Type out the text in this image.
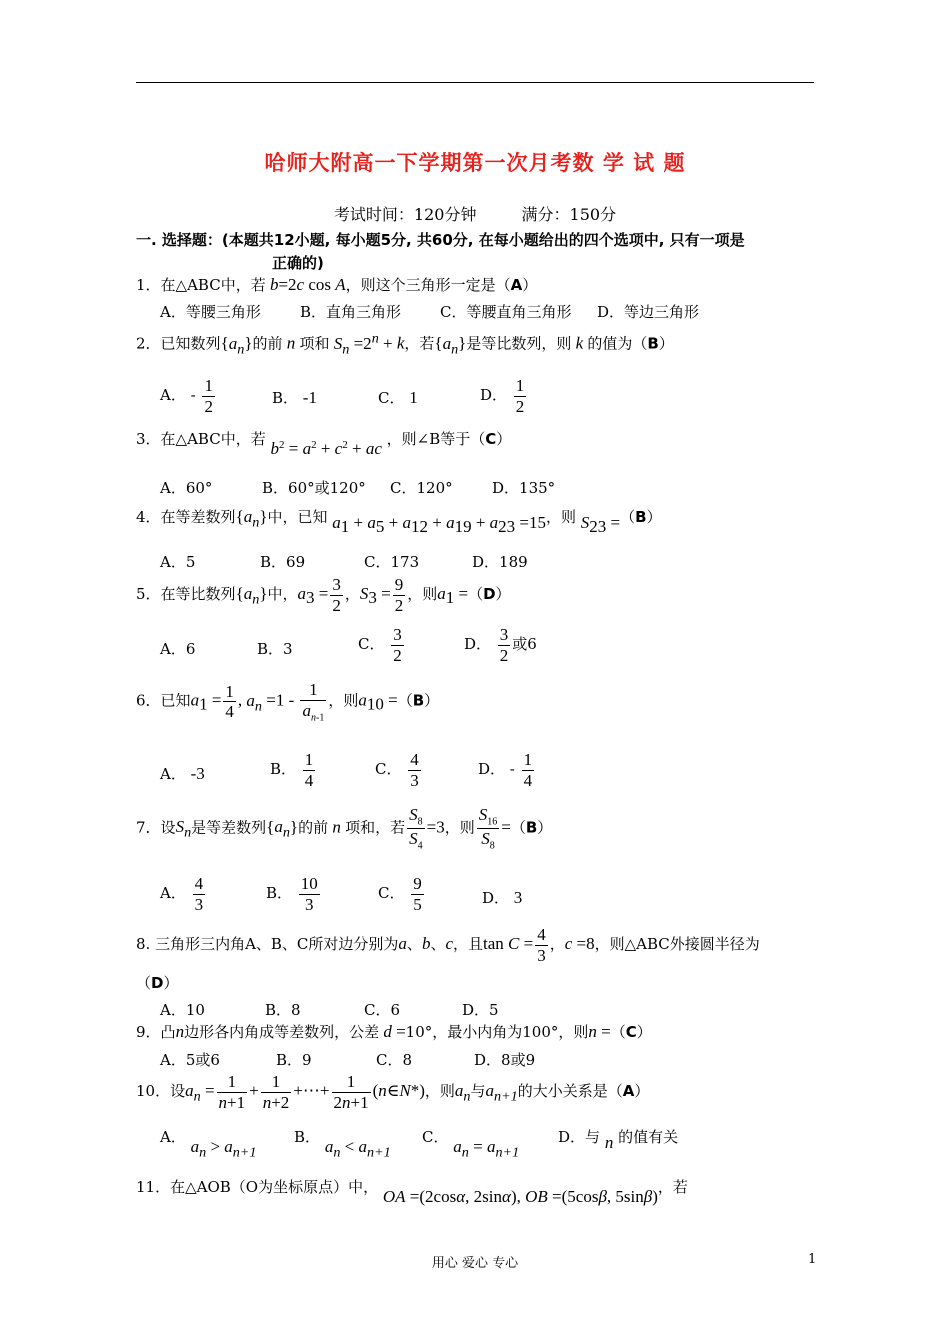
哈师大附高一下学期第一次月考数 学 试 题
考试时间：120分钟	满分：150分
一. 选择题：(本题共12小题, 每小题5分, 共60分, 在每小题给出的四个选项中, 只有一项是
正确的)
1．在△ABC中，若 b=2c cos A，则这个三角形一定是（A）
A．等腰三角形	B．直角三角形	C．等腰直角三角形 D．等边三角形
2．已知数列$\{a_n\}$的前 n 项和 $S_n =2^n + k$，若$\{a_n\}$是等比数列，则 k 的值为（B）
A． - $\frac{1}{2}$	B． -1	C． 1	D． $\frac{1}{2}$
3．在△ABC中，若 $b^2 = a^2 + c^2$ + ac ，则∠B等于（C）
A．60°	B．60°或120° C．120°	D．135°
4．在等差数列$\{a_n\}$中，已知 $a_1 + a_5 + a_{12} + a_{19} + a_{23} =15$，则 $S_{23} =(B)$
A．5	B．69	C．173	D．189
5．在等比数列$\{a_n\}$中，$a_3 = \frac{3}{2}$ ，$S_3 = \frac{9}{2}$ ，则$a_1 =(D)$
A．6	B．3	C． $\frac{3}{2}$	D． $\frac{3}{2}$ 或6
6．已知$a_1 = \frac{1}{4}$ , $a_n =1 - \frac{1}{a_{n-1}}$ ，则$a_{10} =(B)$
A． -3	B． $\frac{1}{4}$	C． $\frac{4}{3}$	D． - $\frac{1}{4}$
7．设$S_n$是等差数列$\{a_n\}$的前 n 项和，若 $\frac{S_8}{S_4} =3$，则 $\frac{S_{16}}{S_8} =(B)$
A． $\frac{4}{3}$	B． $\frac{10}{3}$	C． $\frac{9}{5}$	D． 3
8. 三角形三内角A、B、C所对边分别为a、b、c，且$\tan C = \frac{4}{3}$ ，c =8，则△ABC外接圆半径为
（D）
A．10	B．8	C．6	D．5
9．凸n边形各内角成等差数列，公差 d =10°，最小内角为100°，则n =（C）
A．5或6	B．9	C．8	D．8或9
10．设$a_n = \frac{1}{n+1} + \frac{1}{n+2}$ +⋯+ $\frac{1}{2n+1}$ (n∈N*)，则$a_n$与$a_{n+1}$的大小关系是（A）
A． $a_n > a_{n+1}$
B． $a_n < a_{n+1}$
C． $a_n = a_{n+1}$
D．与 n 的值有关
11．在△AOB（O为坐标原点）中， OA =(2cosα, 2sinα), OB =(5cosβ, 5sinβ)，若
用心 爱心 专心	1
